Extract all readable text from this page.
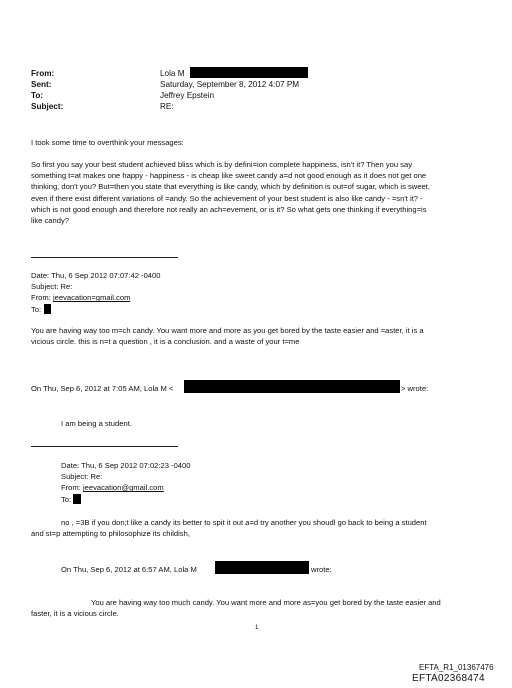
From:	Lola M
Sent:	Saturday, September 8, 2012 4:07 PM
To:	Jeffrey Epstein
Subject:	RE:
I took some time to overthink your messages:
So first you say your best student achieved bliss which is by defini=ion complete happiness, isn't it? Then you say
something t=at makes one happy - happiness - is cheap like sweet candy a=d not good enough as it does not get one
thinking, don't you? But=then you state that everything is like candy, which by definition is out=of sugar, which is sweet,
even if there exist different variations of =andy. So the achievement of your best student is also like candy - =sn't it? -
which is not good enough and therefore not really an ach=evement, or is it? So what gets one thinking if everything=is
like candy?
Date: Thu, 6 Sep 2012 07:07:42 -0400
Subject: Re:
From: jeevacation=gmail.com
To:
You are having way too m=ch candy. You want more and more as you get bored by the taste easier and =aster, it is a
vicious circle. this is n=t a question , it is a conclusion. and a waste of your t=me
On Thu, Sep 6, 2012 at 7:05 AM, Lola M <	> wrote:
I am being a student.
Date: Thu, 6 Sep 2012 07:02:23 -0400
Subject: Re:
From: jeevacation@gmail.com
To:
no , =3B if you don;t like a candy its better to spit it out a=d try another you shoudl go back to being a student
and st=p attempting to philosophize its childish,
On Thu, Sep 6, 2012 at 6:57 AM, Lola M	wrote:
You are having way too much candy. You want more and more as=you get bored by the taste easier and
faster, it is a vicious circle.
1
EFTA_R1_01367476
EFTA02368474
